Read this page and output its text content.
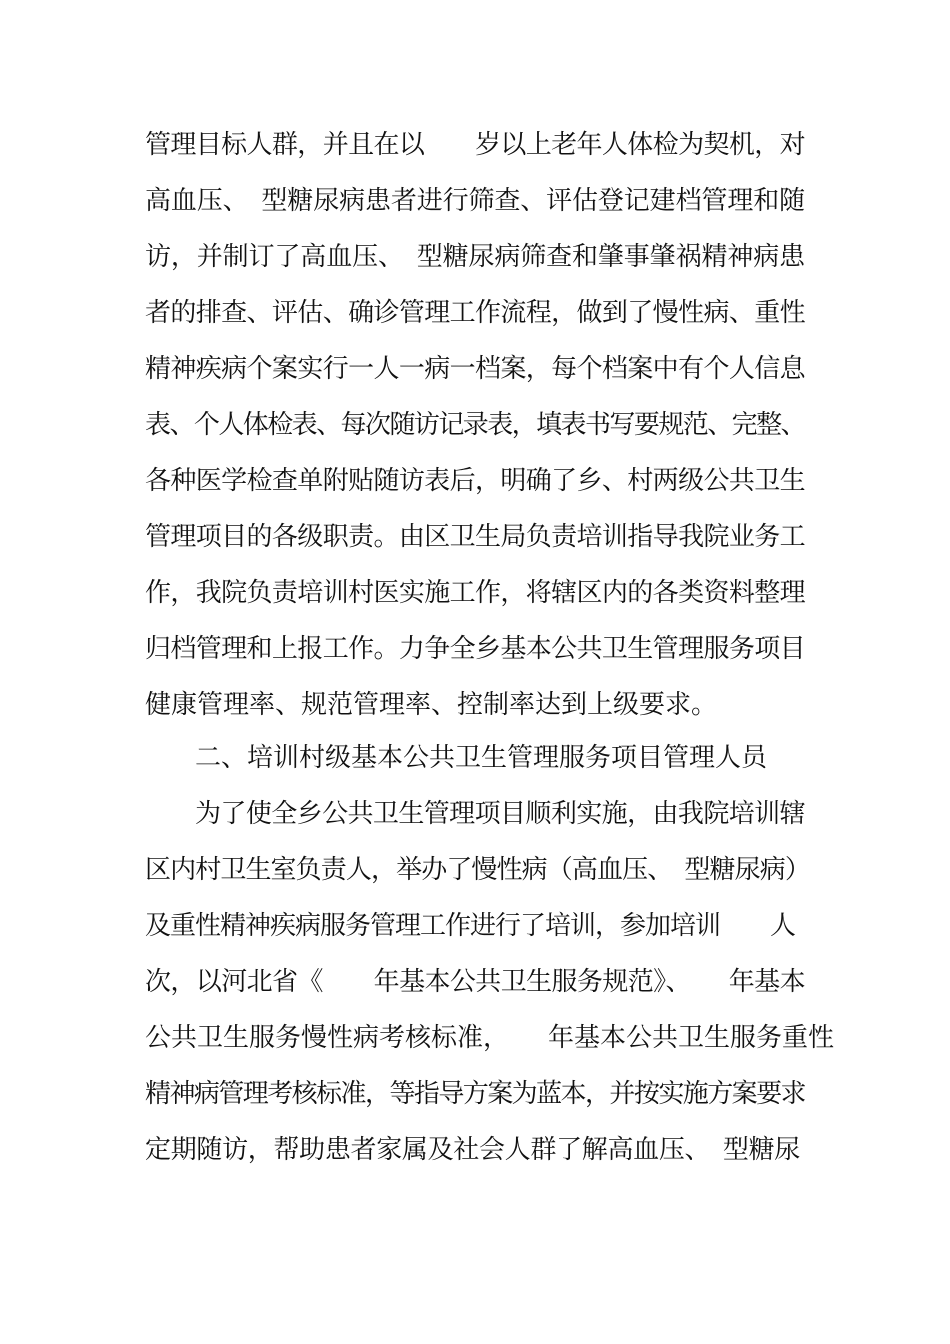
管理目标人群，并且在以　　岁以上老年人体检为契机，对
高血压、　型糖尿病患者进行筛查、评估登记建档管理和随
访，并制订了高血压、　型糖尿病筛查和肇事肇祸精神病患
者的排查、评估、确诊管理工作流程，做到了慢性病、重性
精神疾病个案实行一人一病一档案，每个档案中有个人信息
表、个人体检表、每次随访记录表，填表书写要规范、完整、
各种医学检查单附贴随访表后，明确了乡、村两级公共卫生
管理项目的各级职责。由区卫生局负责培训指导我院业务工
作，我院负责培训村医实施工作，将辖区内的各类资料整理
归档管理和上报工作。力争全乡基本公共卫生管理服务项目
健康管理率、规范管理率、控制率达到上级要求。
二、培训村级基本公共卫生管理服务项目管理人员
为了使全乡公共卫生管理项目顺利实施，由我院培训辖
区内村卫生室负责人，举办了慢性病（高血压、　型糖尿病）
及重性精神疾病服务管理工作进行了培训，参加培训　　人
次，以河北省《　　年基本公共卫生服务规范》、　　年基本
公共卫生服务慢性病考核标准，　　年基本公共卫生服务重性
精神病管理考核标准，等指导方案为蓝本，并按实施方案要求
定期随访，帮助患者家属及社会人群了解高血压、　型糖尿
